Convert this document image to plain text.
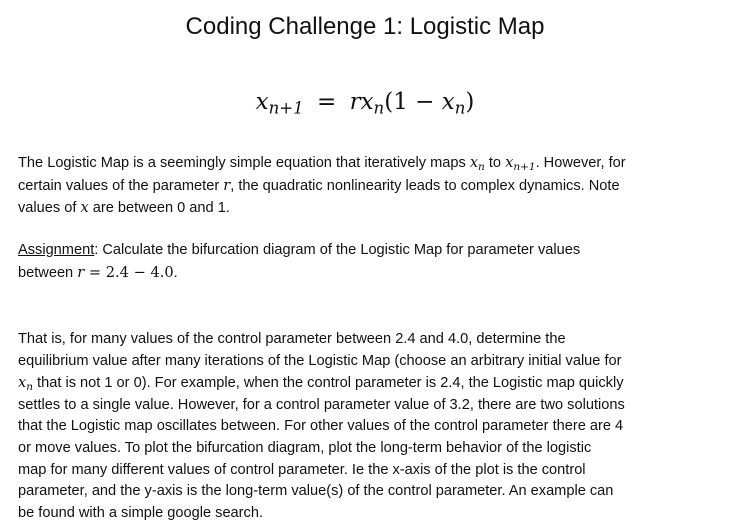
Coding Challenge 1: Logistic Map
$x_{n+1} = rx_n(1 - x_n)$
The Logistic Map is a seemingly simple equation that iteratively maps $x_n$ to $x_{n+1}$. However, for
certain values of the parameter r, the quadratic nonlinearity leads to complex dynamics. Note
values of x are between 0 and 1.
Assignment: Calculate the bifurcation diagram of the Logistic Map for parameter values
between r = 2.4 − 4.0.
That is, for many values of the control parameter between 2.4 and 4.0, determine the
equilibrium value after many iterations of the Logistic Map (choose an arbitrary initial value for
$x_n$ that is not 1 or 0). For example, when the control parameter is 2.4, the Logistic map quickly
settles to a single value. However, for a control parameter value of 3.2, there are two solutions
that the Logistic map oscillates between. For other values of the control parameter there are 4
or move values. To plot the bifurcation diagram, plot the long-term behavior of the logistic
map for many different values of control parameter. Ie the x-axis of the plot is the control
parameter, and the y-axis is the long-term value(s) of the control parameter. An example can
be found with a simple google search.
